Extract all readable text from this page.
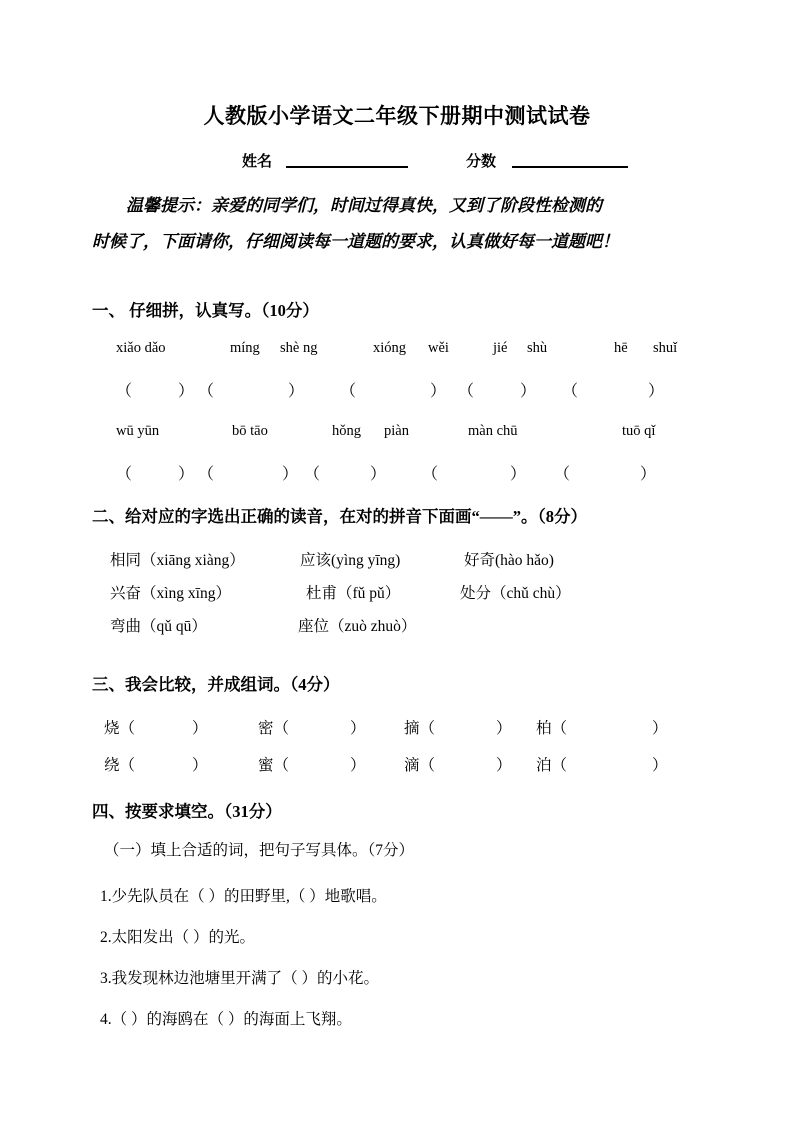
人教版小学语文二年级下册期中测试试卷
姓名	分数
温馨提示：亲爱的同学们，时间过得真快，又到了阶段性检测的
时候了，下面请你，仔细阅读每一道题的要求，认真做好每一道题吧！
一、 仔细拼，认真写。（10分）
xiǎo dǎo	míng shè ng	xióng wěi	jié shù	hē shuǐ
（	） （	） （	） （	） （	）
wū yūn	bō tāo	hǒng piàn	màn chū	tuō qǐ
（	） （	） （	） （	） （	）
二、给对应的字选出正确的读音，在对的拼音下面画“——”。（8分）
相同（xiāng xiàng）	应该(yìng yīng)	好奇(hào hǎo)
兴奋（xìng xīng）	杜甫（fǔ pǔ）	处分（chǔ chù）
弯曲（qǔ qū）	座位（zuò zhuò）
三、我会比较，并成组词。（4分）
烧（	）	密（	） 摘（	） 柏（	）
绕（	）	蜜（	） 滴（	） 泊（	）
四、按要求填空。（31分）
（一）填上合适的词，把句子写具体。（7分）
1.少先队员在（ ）的田野里,（ ）地歌唱。
2.太阳发出（ ）的光。
3.我发现林边池塘里开满了（ ）的小花。
4.（ ）的海鸥在（ ）的海面上飞翔。
